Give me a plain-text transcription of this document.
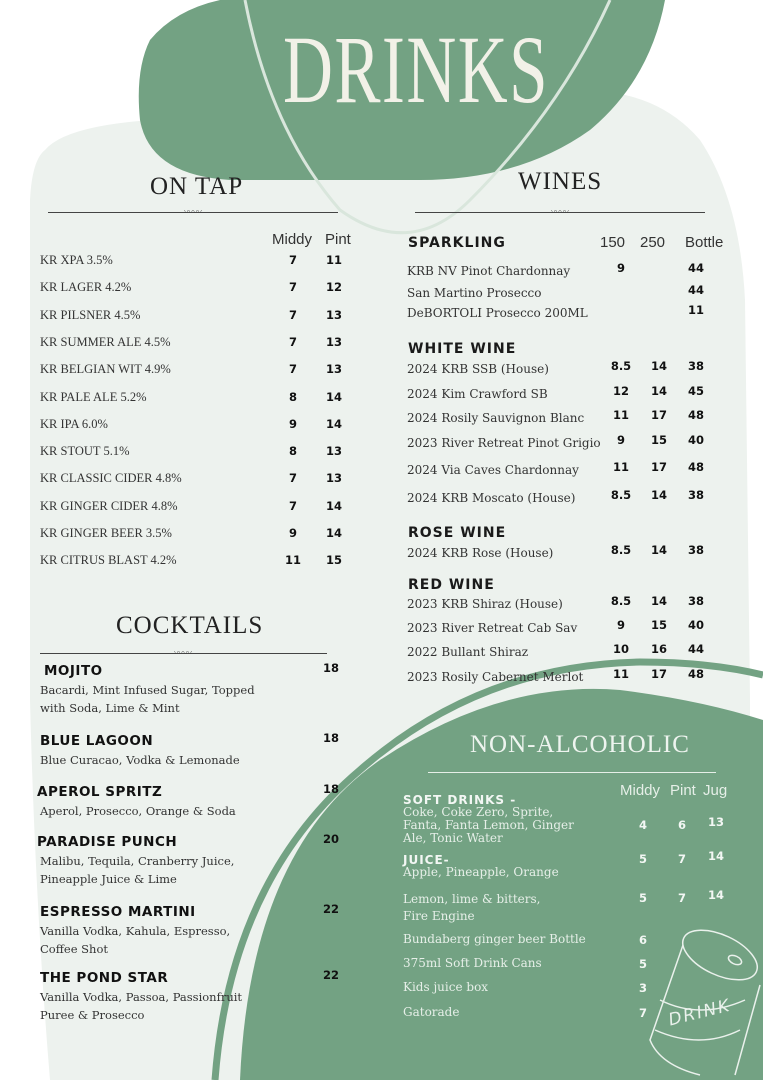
DRINKS
ON TAP
〰〰
Middy Pint
KR XPA 3.5%	7	11
KR LAGER 4.2%	7	12
KR PILSNER 4.5%	7	13
KR SUMMER ALE 4.5%	7	13
KR BELGIAN WIT 4.9%	7	13
KR PALE ALE 5.2%	8	14
KR IPA 6.0%	9	14
KR STOUT 5.1%	8	13
KR CLASSIC CIDER 4.8%	7	13
KR GINGER CIDER 4.8%	7	14
KR GINGER BEER 3.5%	9	14
KR CITRUS BLAST 4.2%	11 15
WINES
〰〰
150 250 Bottle
SPARKLING
KRB NV Pinot Chardonnay	9	44
San Martino Prosecco	44
DeBORTOLI Prosecco 200ML	11
WHITE WINE
2024 KRB SSB (House)	8.5 14 38
2024 Kim Crawford SB	12 14 45
2024 Rosily Sauvignon Blanc	11 17 48
2023 River Retreat Pinot Grigio 9 15 40
2024 Via Caves Chardonnay	11 17 48
2024 KRB Moscato (House)	8.5 14 38
ROSE WINE
2024 KRB Rose (House)	8.5 14 38
RED WINE
2023 KRB Shiraz (House)	8.5 14 38
2023 River Retreat Cab Sav	9 15 40
2022 Bullant Shiraz	10 16 44
2023 Rosily Cabernet Merlot	11 17 48
COCKTAILS
〰〰
MOJITO
Bacardi, Mint Infused Sugar, Topped with Soda, Lime & Mint
18
BLUE LAGOON
Blue Curacao, Vodka & Lemonade
18
APEROL SPRITZ
Aperol, Prosecco, Orange & Soda
18
PARADISE PUNCH
Malibu, Tequila, Cranberry Juice, Pineapple Juice & Lime
20
ESPRESSO MARTINI
Vanilla Vodka, Kahula, Espresso, Coffee Shot
22
THE POND STAR
Vanilla Vodka, Passoa, Passionfruit Puree & Prosecco
22
NON-ALCOHOLIC
Middy Pint Jug
SOFT DRINKS -
Coke, Coke Zero, Sprite, Fanta, Fanta Lemon, Ginger Ale, Tonic Water
4	6 13
JUICE-
Apple, Pineapple, Orange
5	7 14
Lemon, lime & bitters, Fire Engine
5	7 14
Bundaberg ginger beer Bottle	6
375ml Soft Drink Cans	5
Kids juice box	3
Gatorade	7 DRINK
